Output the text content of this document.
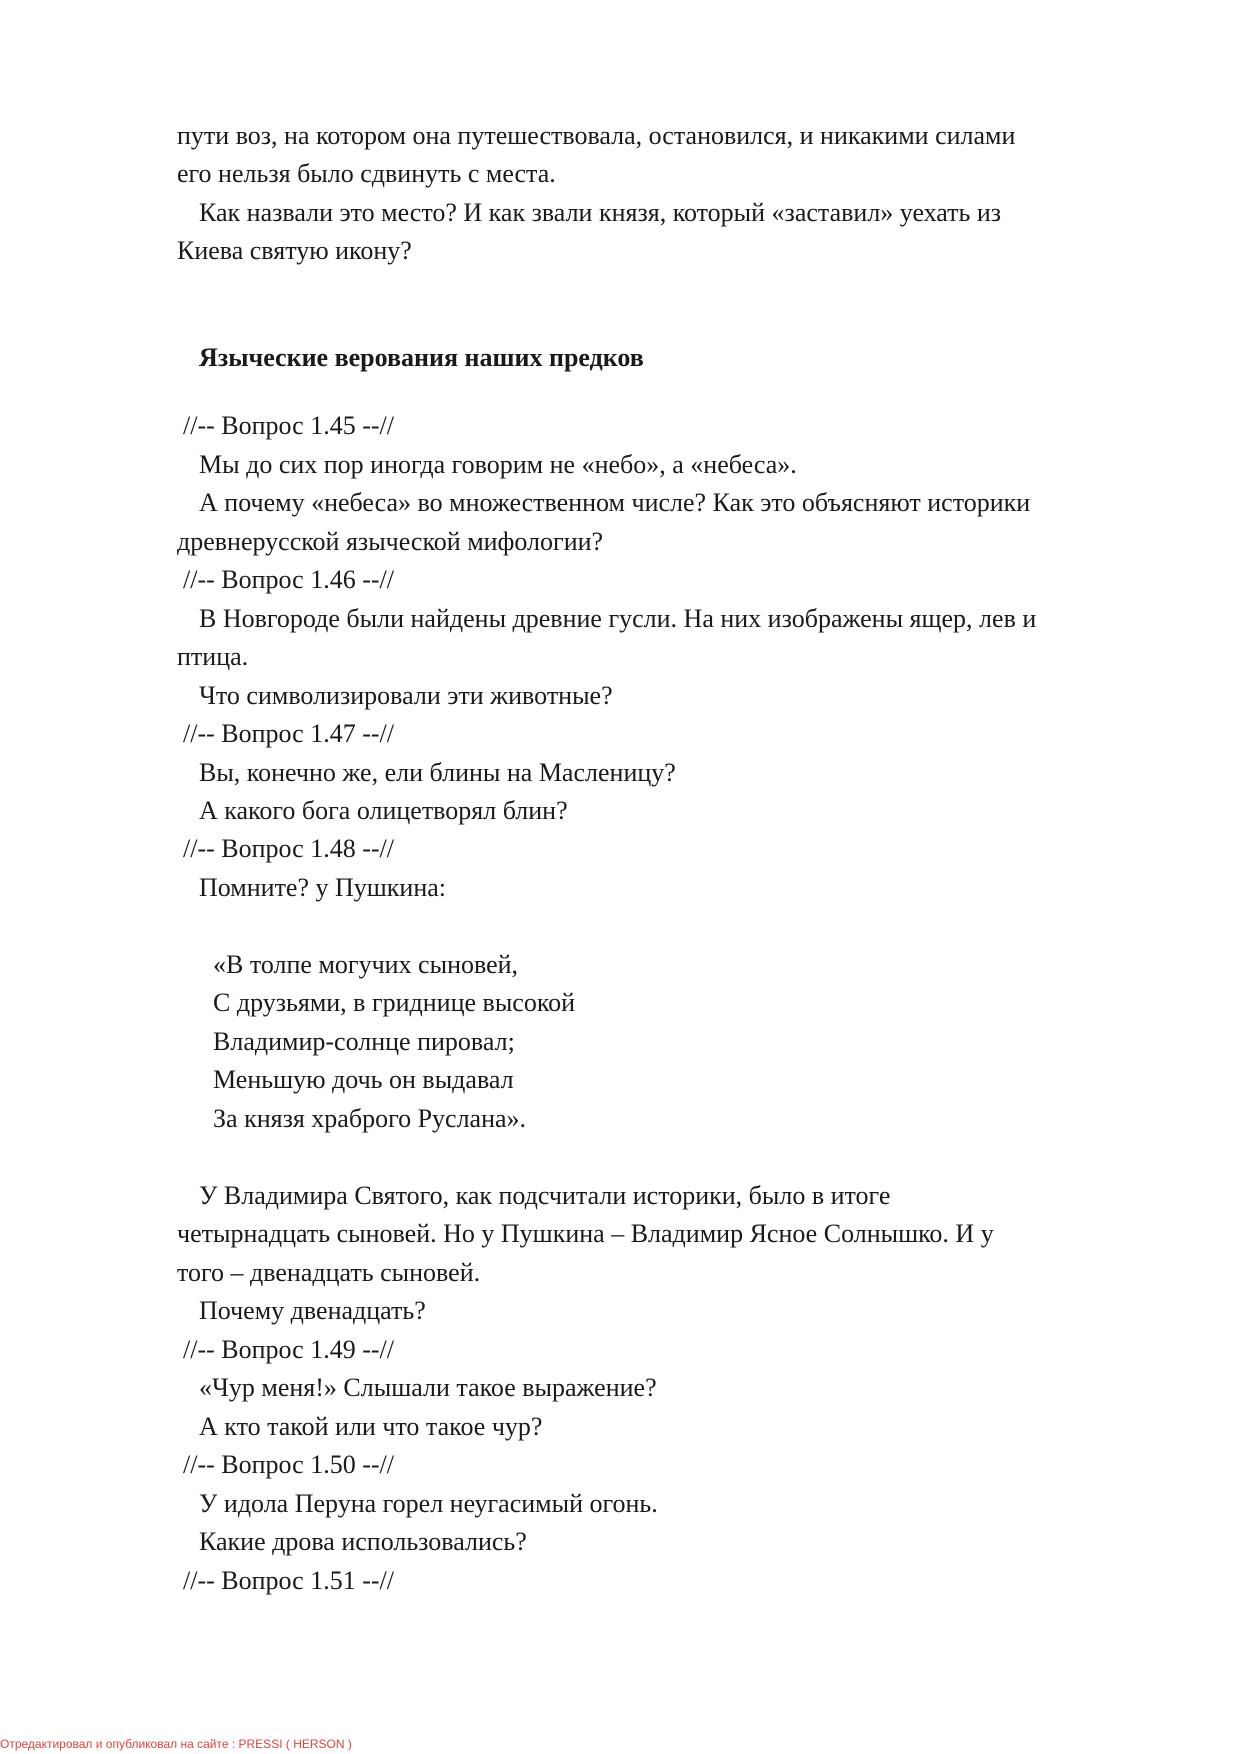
пути воз, на котором она путешествовала, остановился, и никакими силами
его нельзя было сдвинуть с места.
Как назвали это место? И как звали князя, который «заставил» уехать из
Киева святую икону?
Языческие верования наших предков
//-- Вопрос 1.45 --//
Мы до сих пор иногда говорим не «небо», а «небеса».
А почему «небеса» во множественном числе? Как это объясняют историки
древнерусской языческой мифологии?
//-- Вопрос 1.46 --//
В Новгороде были найдены древние гусли. На них изображены ящер, лев и
птица.
Что символизировали эти животные?
//-- Вопрос 1.47 --//
Вы, конечно же, ели блины на Масленицу?
А какого бога олицетворял блин?
//-- Вопрос 1.48 --//
Помните? у Пушкина:
«В толпе могучих сыновей,
С друзьями, в гриднице высокой
Владимир-солнце пировал;
Меньшую дочь он выдавал
За князя храброго Руслана».
У Владимира Святого, как подсчитали историки, было в итоге
четырнадцать сыновей. Но у Пушкина – Владимир Ясное Солнышко. И у
того – двенадцать сыновей.
Почему двенадцать?
//-- Вопрос 1.49 --//
«Чур меня!» Слышали такое выражение?
А кто такой или что такое чур?
//-- Вопрос 1.50 --//
У идола Перуна горел неугасимый огонь.
Какие дрова использовались?
//-- Вопрос 1.51 --//
Отредактировал и опубликовал на сайте : PRESSI ( HERSON )
